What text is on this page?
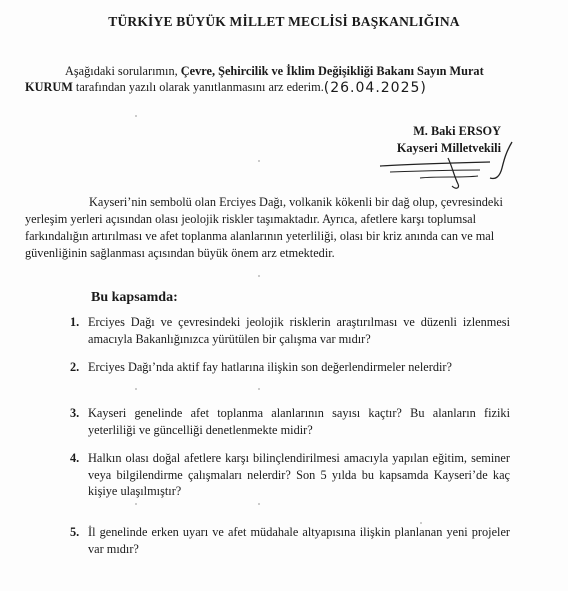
TÜRKİYE BÜYÜK MİLLET MECLİSİ BAŞKANLIĞINA
Aşağıdaki sorularımın, Çevre, Şehircilik ve İklim Değişikliği Bakanı Sayın Murat KURUM tarafından yazılı olarak yanıtlanmasını arz ederim.(26.04.2025)
M. Baki ERSOY
Kayseri Milletvekili
Kayseri’nin sembolü olan Erciyes Dağı, volkanik kökenli bir dağ olup, çevresindeki yerleşim yerleri açısından olası jeolojik riskler taşımaktadır. Ayrıca, afetlere karşı toplumsal farkındalığın artırılması ve afet toplanma alanlarının yeterliliği, olası bir kriz anında can ve mal güvenliğinin sağlanması açısından büyük önem arz etmektedir.
Bu kapsamda:
1. Erciyes Dağı ve çevresindeki jeolojik risklerin araştırılması ve düzenli izlenmesi amacıyla Bakanlığınızca yürütülen bir çalışma var mıdır?
2. Erciyes Dağı’nda aktif fay hatlarına ilişkin son değerlendirmeler nelerdir?
3. Kayseri genelinde afet toplanma alanlarının sayısı kaçtır? Bu alanların fiziki yeterliliği ve güncelliği denetlenmekte midir?
4. Halkın olası doğal afetlere karşı bilinçlendirilmesi amacıyla yapılan eğitim, seminer veya bilgilendirme çalışmaları nelerdir? Son 5 yılda bu kapsamda Kayseri’de kaç kişiye ulaşılmıştır?
5. İl genelinde erken uyarı ve afet müdahale altyapısına ilişkin planlanan yeni projeler var mıdır?
